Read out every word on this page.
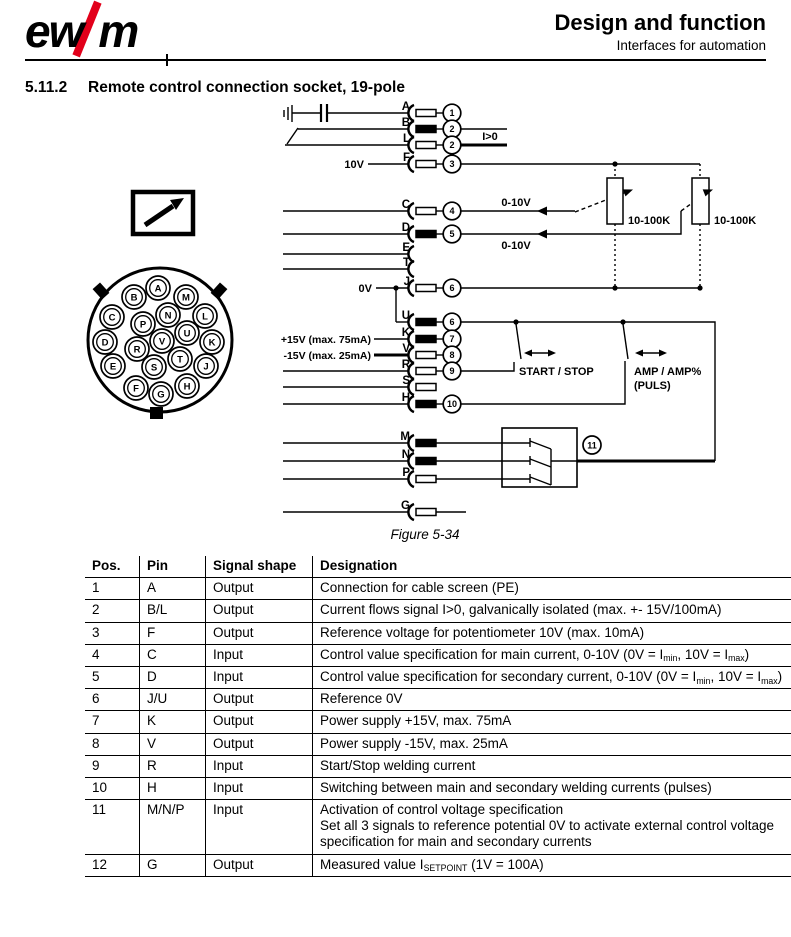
ew m	Design and function
Interfaces for automation
5.11.2 Remote control connection socket, 19-pole
A
B	M
C	N	L
P
D
R
V
U
K
E	S
T
J
F
G
H
10V
0V
+15V (max. 75mA)
-15V (max. 25mA)
I>0
0-10V
0-10V
10-100K	10-100K
START / STOP	AMP / AMP%
(PULS)
11
A
1
B
2
L
2
F
3
C
4
D
5
E
T
J
6
U
6
K
7
V
8
R
9
S
H
10
M
N
P
G
Figure 5-34
Pos.	Pin	Signal shape	Designation
1	A	Output	Connection for cable screen (PE)
2	B/L	Output	Current flows signal I>0, galvanically isolated (max. +- 15V/100mA)
3	F	Output	Reference voltage for potentiometer 10V (max. 10mA)
4	C	Input	Control value specification for main current, 0-10V ($0V = I_{min}$, $10V = I_{max}$)
5	D	Input	Control value specification for secondary current, 0-10V ($0V = I_{min}$, $10V = I_{max}$)
6	J/U	Output	Reference 0V
7	K	Output	Power supply +15V, max. 75mA
8	V	Output	Power supply -15V, max. 25mA
9	R	Input	Start/Stop welding current
10	H	Input	Switching between main and secondary welding currents (pulses)
11	M/N/P	Input	Activation of control voltage specification
Set all 3 signals to reference potential 0V to activate external control voltage specification for main and secondary currents
12	G	Output	Measured value $I_{SETPOINT}$ (1V = 100A)
